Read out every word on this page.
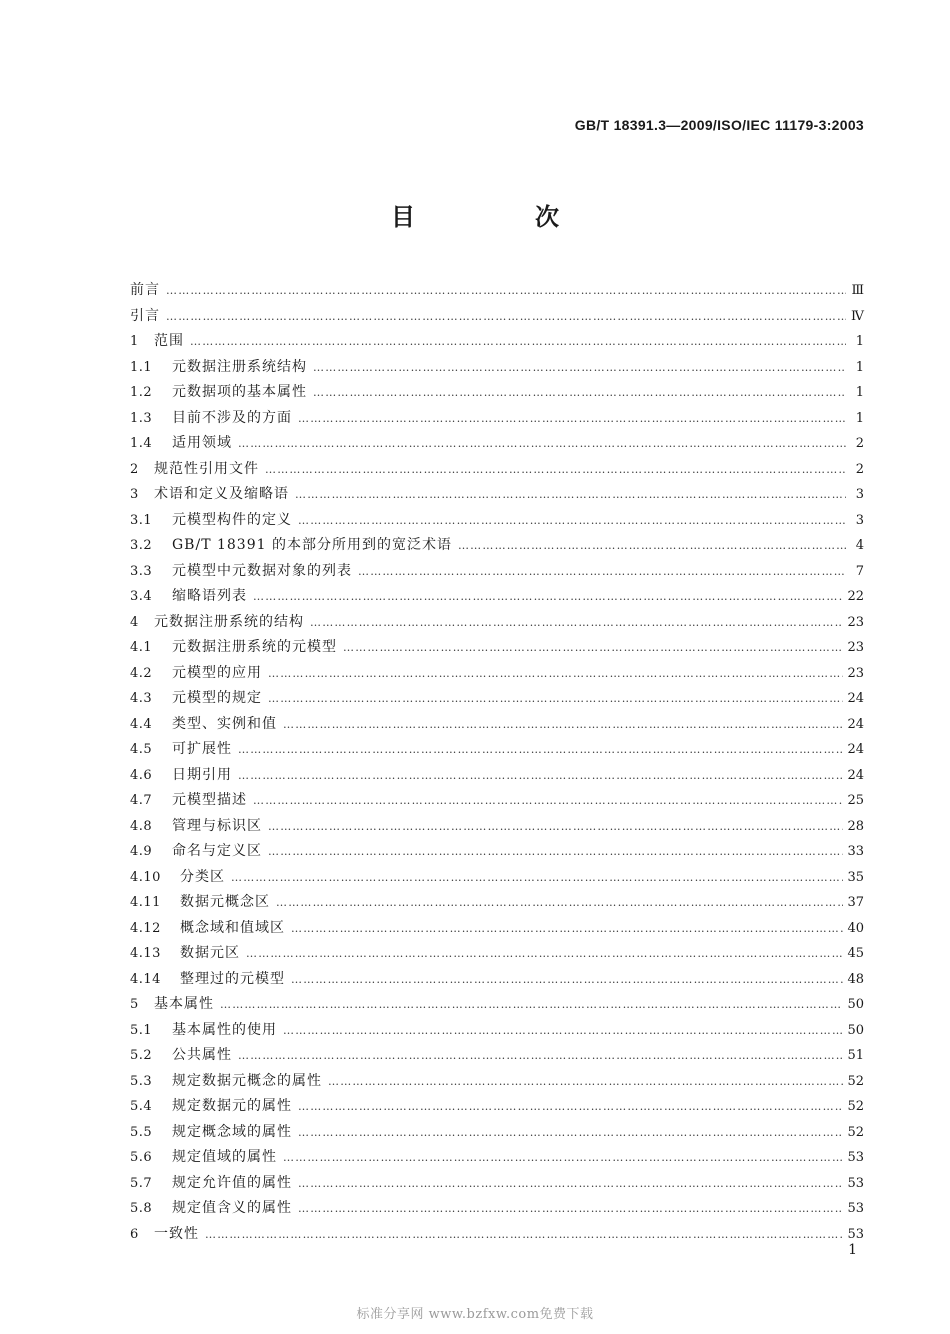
GB/T 18391.3—2009/ISO/IEC 11179-3:2003
目　次
前言 …………………………………………………………………………………………………………………………………………………………………………………………………………………………………………………………	Ⅲ
引言 …………………………………………………………………………………………………………………………………………………………………………………………………………………………………………………………	Ⅳ
1	范围 …………………………………………………………………………………………………………………………………………………………………………………………………………………………………………………………	1
1.1	元数据注册系统结构 …………………………………………………………………………………………………………………………………………………………………………………………………………………………………………………………	1
1.2	元数据项的基本属性 …………………………………………………………………………………………………………………………………………………………………………………………………………………………………………………………	1
1.3	目前不涉及的方面 …………………………………………………………………………………………………………………………………………………………………………………………………………………………………………………………	1
1.4	适用领域 …………………………………………………………………………………………………………………………………………………………………………………………………………………………………………………………	2
2	规范性引用文件 …………………………………………………………………………………………………………………………………………………………………………………………………………………………………………………………	2
3	术语和定义及缩略语 …………………………………………………………………………………………………………………………………………………………………………………………………………………………………………………………	3
3.1	元模型构件的定义 …………………………………………………………………………………………………………………………………………………………………………………………………………………………………………………………	3
3.2	GB/T 18391 的本部分所用到的宽泛术语 …………………………………………………………………………………………………………………………………………………………………………………………………………………………………………………………	4
3.3	元模型中元数据对象的列表 …………………………………………………………………………………………………………………………………………………………………………………………………………………………………………………………	7
3.4	缩略语列表 …………………………………………………………………………………………………………………………………………………………………………………………………………………………………………………………	22
4	元数据注册系统的结构 …………………………………………………………………………………………………………………………………………………………………………………………………………………………………………………………	23
4.1	元数据注册系统的元模型 …………………………………………………………………………………………………………………………………………………………………………………………………………………………………………………………	23
4.2	元模型的应用 …………………………………………………………………………………………………………………………………………………………………………………………………………………………………………………………	23
4.3	元模型的规定 …………………………………………………………………………………………………………………………………………………………………………………………………………………………………………………………	24
4.4	类型、实例和值 …………………………………………………………………………………………………………………………………………………………………………………………………………………………………………………………	24
4.5	可扩展性 …………………………………………………………………………………………………………………………………………………………………………………………………………………………………………………………	24
4.6	日期引用 …………………………………………………………………………………………………………………………………………………………………………………………………………………………………………………………	24
4.7	元模型描述 …………………………………………………………………………………………………………………………………………………………………………………………………………………………………………………………	25
4.8	管理与标识区 …………………………………………………………………………………………………………………………………………………………………………………………………………………………………………………………	28
4.9	命名与定义区 …………………………………………………………………………………………………………………………………………………………………………………………………………………………………………………………	33
4.10	分类区 …………………………………………………………………………………………………………………………………………………………………………………………………………………………………………………………	35
4.11	数据元概念区 …………………………………………………………………………………………………………………………………………………………………………………………………………………………………………………………	37
4.12	概念域和值域区 …………………………………………………………………………………………………………………………………………………………………………………………………………………………………………………………	40
4.13	数据元区 …………………………………………………………………………………………………………………………………………………………………………………………………………………………………………………………	45
4.14	整理过的元模型 …………………………………………………………………………………………………………………………………………………………………………………………………………………………………………………………	48
5	基本属性 …………………………………………………………………………………………………………………………………………………………………………………………………………………………………………………………	50
5.1	基本属性的使用 …………………………………………………………………………………………………………………………………………………………………………………………………………………………………………………………	50
5.2	公共属性 …………………………………………………………………………………………………………………………………………………………………………………………………………………………………………………………	51
5.3	规定数据元概念的属性 …………………………………………………………………………………………………………………………………………………………………………………………………………………………………………………………	52
5.4	规定数据元的属性 …………………………………………………………………………………………………………………………………………………………………………………………………………………………………………………………	52
5.5	规定概念域的属性 …………………………………………………………………………………………………………………………………………………………………………………………………………………………………………………………	52
5.6	规定值域的属性 …………………………………………………………………………………………………………………………………………………………………………………………………………………………………………………………	53
5.7	规定允许值的属性 …………………………………………………………………………………………………………………………………………………………………………………………………………………………………………………………	53
5.8	规定值含义的属性 …………………………………………………………………………………………………………………………………………………………………………………………………………………………………………………………	53
6	一致性 …………………………………………………………………………………………………………………………………………………………………………………………………………………………………………………………	53
1
标准分享网 www.bzfxw.com免费下载
